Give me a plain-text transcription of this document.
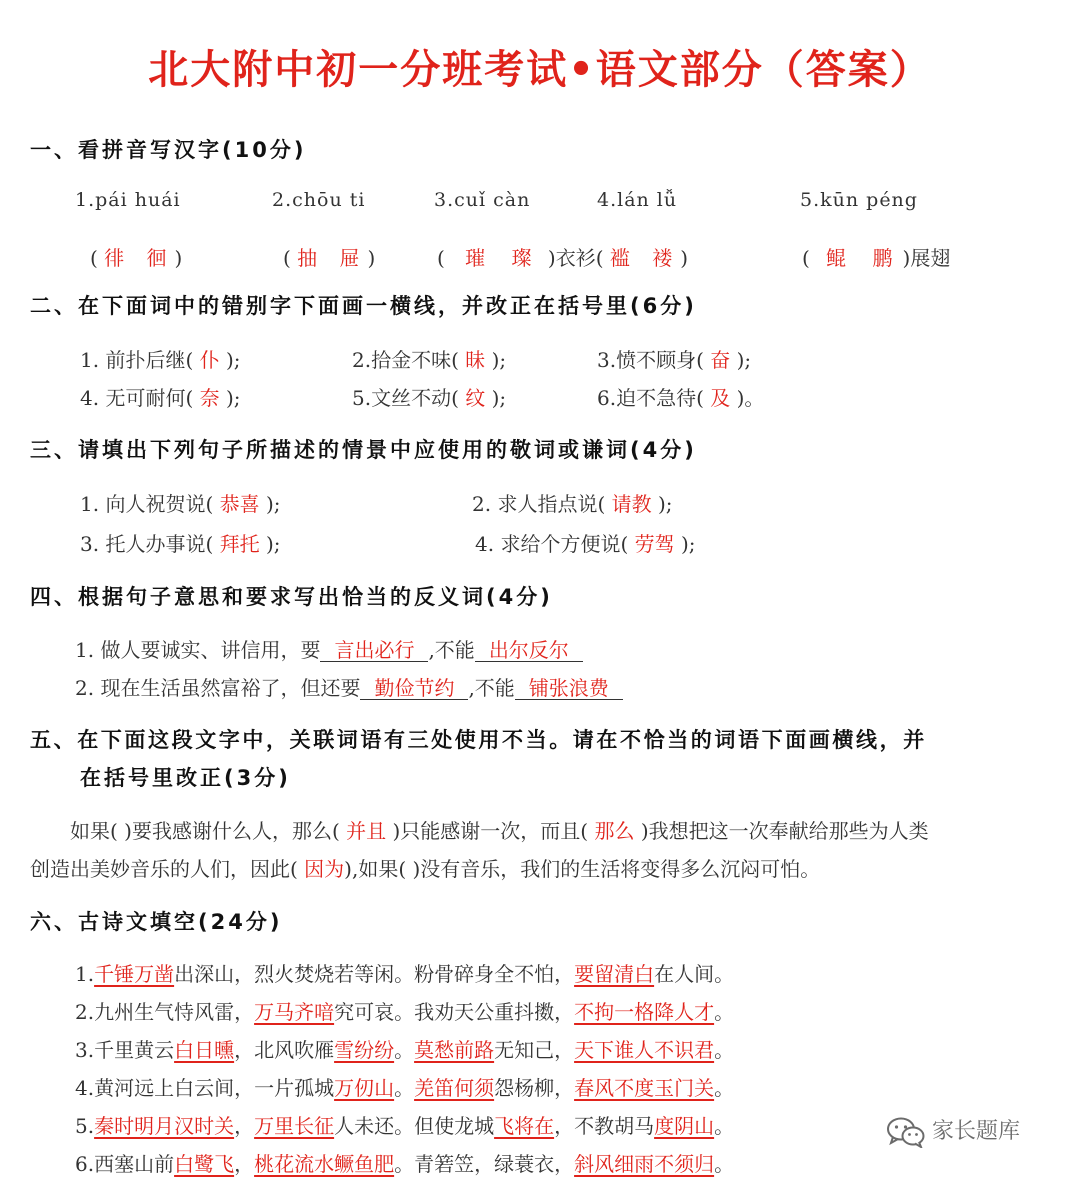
北大附中初一分班考试•语文部分（答案）
一、看拼音写汉字(10分)
1.pái huái	2.chōu ti	3.cuǐ càn	4.lán lǚ	5.kūn péng
( 徘 徊)	( 抽 屉)	( 璀 璨 )衣衫( 褴 褛)	( 鲲 鹏)展翅
二、在下面词中的错别字下面画一横线，并改正在括号里(6分)
1. 前扑后继( 仆 );	2.拾金不味( 昧 );	3.愤不顾身( 奋 );
4. 无可耐何( 奈 );	5.文丝不动( 纹 );	6.迫不急待( 及 )。
三、请填出下列句子所描述的情景中应使用的敬词或谦词(4分)
1. 向人祝贺说( 恭喜 );	2. 求人指点说( 请教 );
3. 托人办事说( 拜托 );	4. 求给个方便说( 劳驾 );
四、根据句子意思和要求写出恰当的反义词(4分)
1. 做人要诚实、讲信用，要 言出必行 ,不能 出尔反尔
2. 现在生活虽然富裕了，但还要 勤俭节约 ,不能 铺张浪费
五、在下面这段文字中，关联词语有三处使用不当。请在不恰当的词语下面画横线，并
在括号里改正(3分)
如果( )要我感谢什么人，那么( 并且 )只能感谢一次，而且( 那么 )我想把这一次奉献给那些为人类
创造出美妙音乐的人们，因此( 因为),如果( )没有音乐，我们的生活将变得多么沉闷可怕。
六、古诗文填空(24分)
1.千锤万凿出深山，烈火焚烧若等闲。粉骨碎身全不怕，要留清白在人间。
2.九州生气恃风雷，万马齐喑究可哀。我劝天公重抖擞，不拘一格降人才。
3.千里黄云白日曛，北风吹雁雪纷纷。莫愁前路无知己，天下谁人不识君。
4.黄河远上白云间，一片孤城万仞山。羌笛何须怨杨柳，春风不度玉门关。
5.秦时明月汉时关，万里长征人未还。但使龙城飞将在，不教胡马度阴山。
6.西塞山前白鹭飞，桃花流水鳜鱼肥。青箬笠，绿蓑衣，斜风细雨不须归。
家长题库
